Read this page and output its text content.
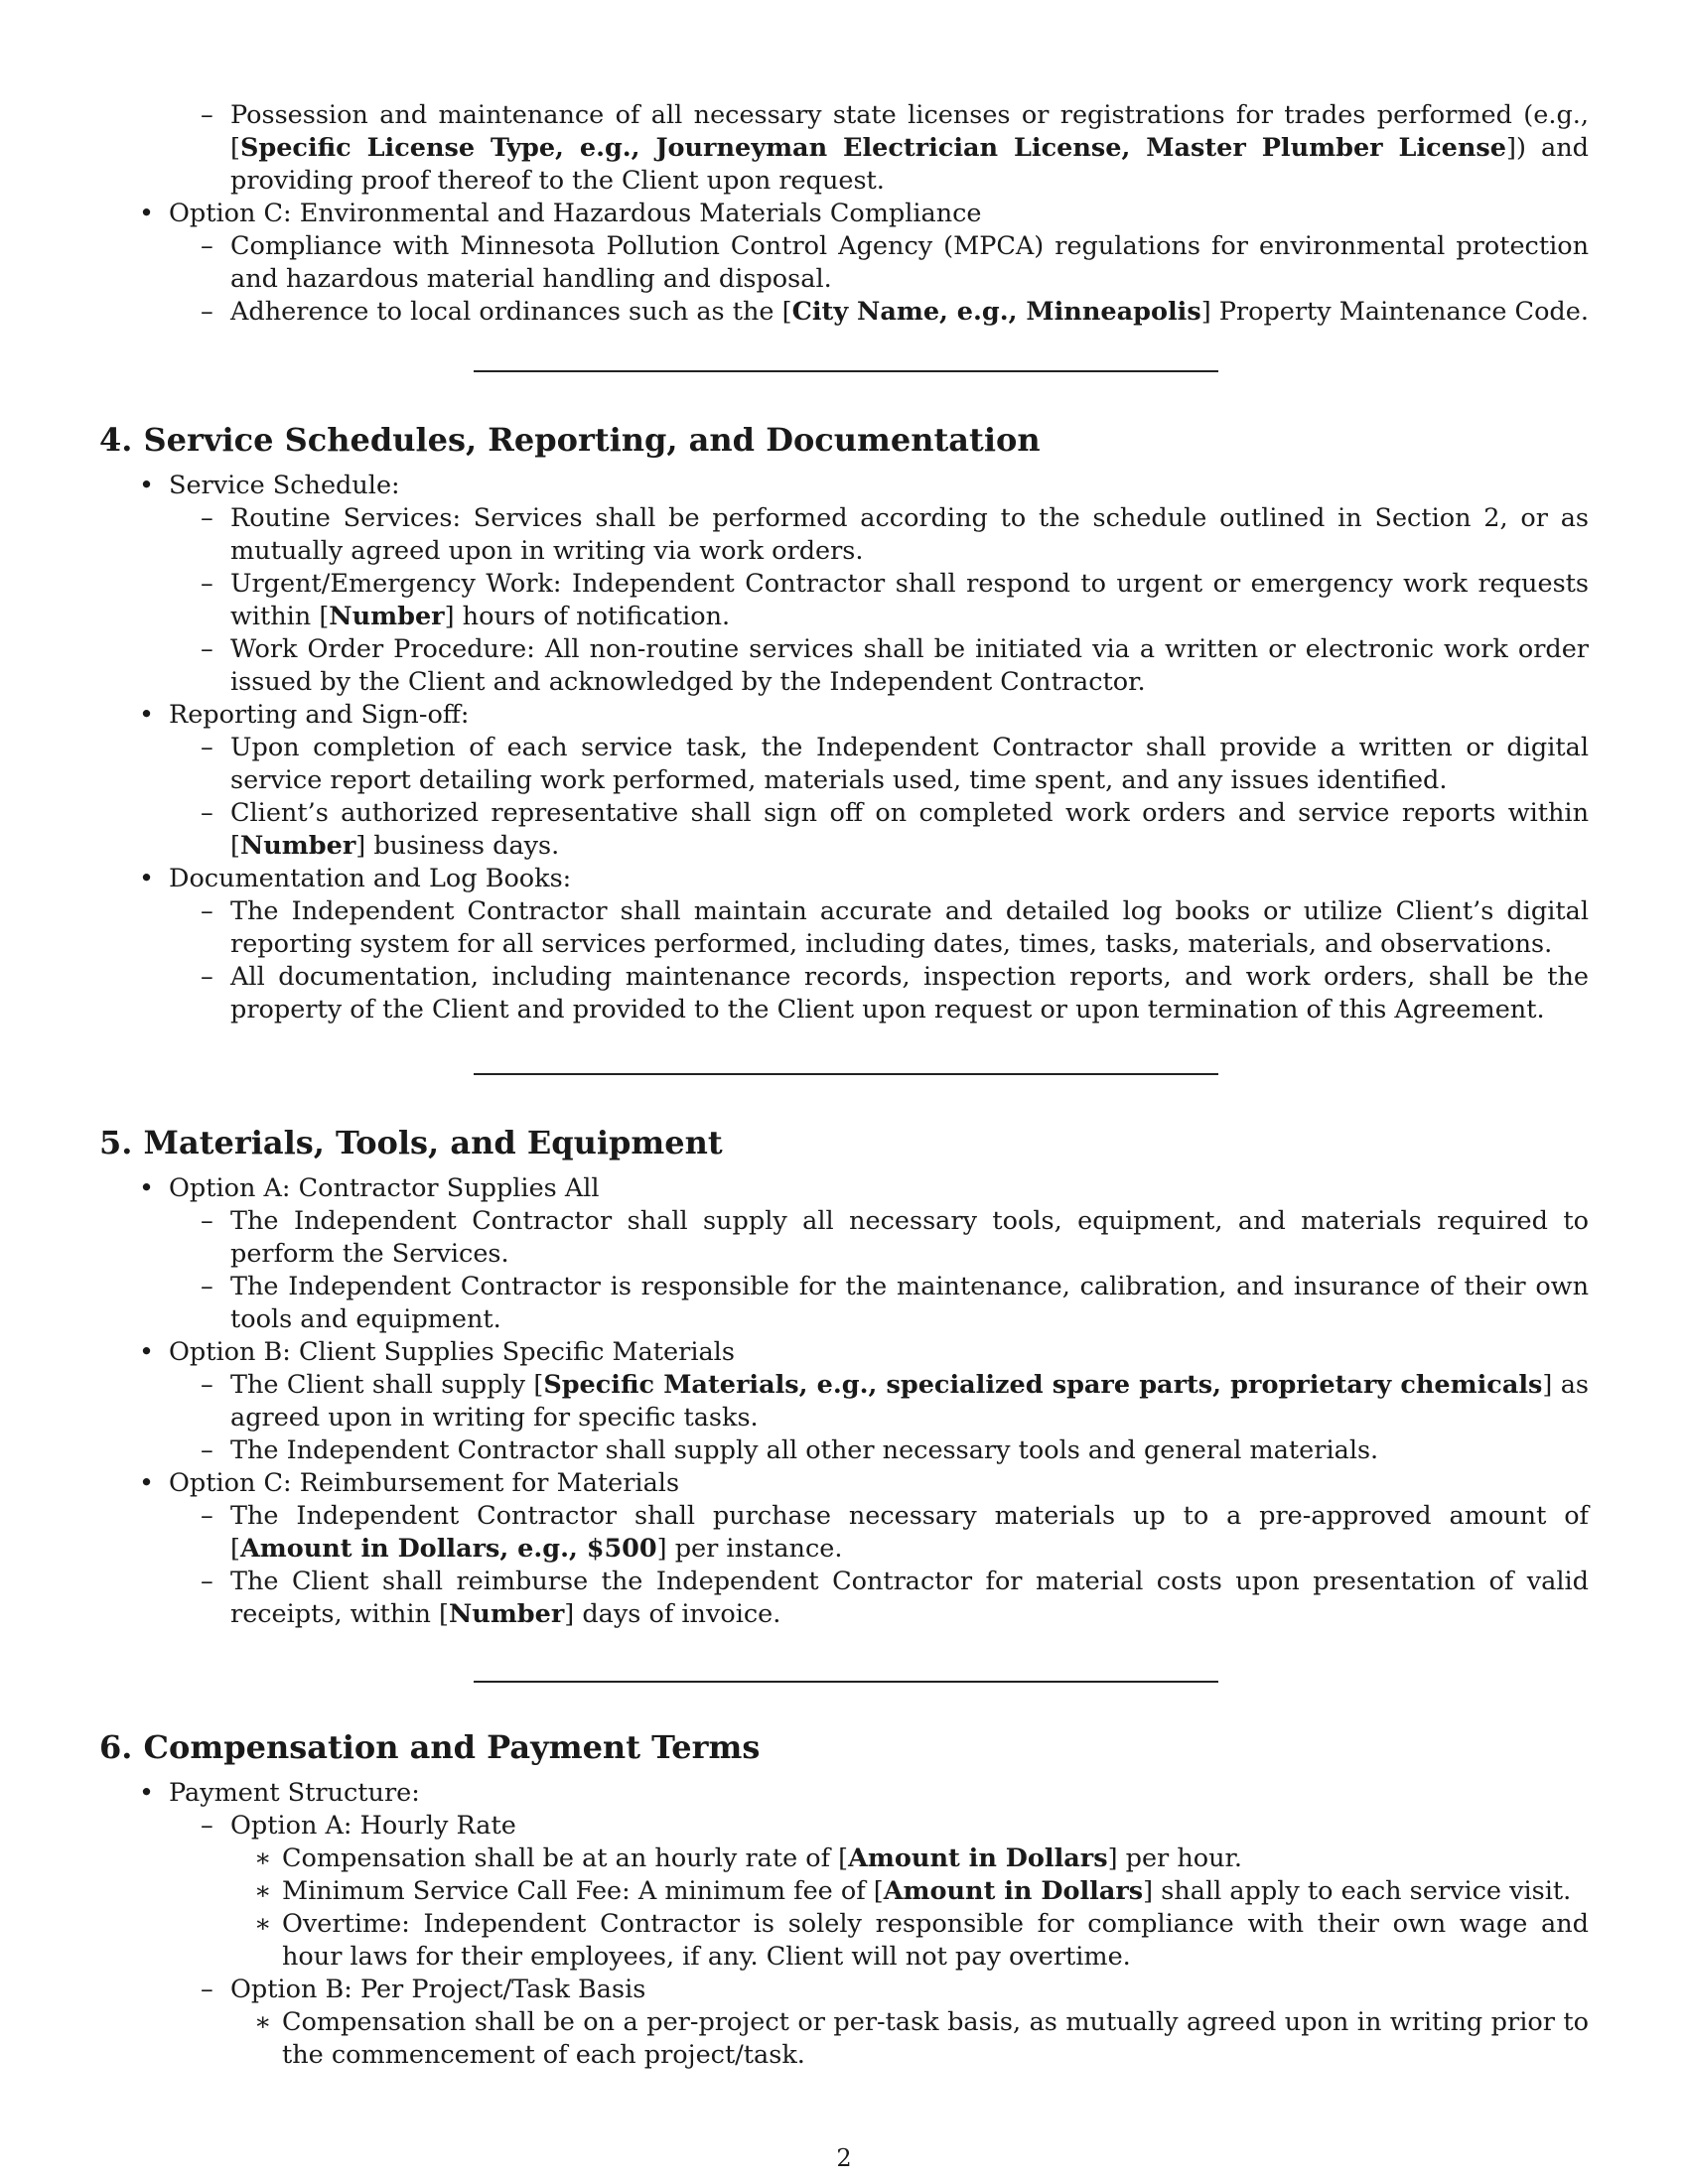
– Possession and maintenance of all necessary state licenses or registrations for trades performed (e.g., [Specific License Type, e.g., Journeyman Electrician License, Master Plumber License]) and providing proof thereof to the Client upon request.
• Option C: Environmental and Hazardous Materials Compliance
– Compliance with Minnesota Pollution Control Agency (MPCA) regulations for environmental protection and hazardous material handling and disposal.
– Adherence to local ordinances such as the [City Name, e.g., Minneapolis] Property Maintenance Code.
4. Service Schedules, Reporting, and Documentation
• Service Schedule:
– Routine Services: Services shall be performed according to the schedule outlined in Section 2, or as mutually agreed upon in writing via work orders.
– Urgent/Emergency Work: Independent Contractor shall respond to urgent or emergency work requests within [Number] hours of notification.
– Work Order Procedure: All non-routine services shall be initiated via a written or electronic work order issued by the Client and acknowledged by the Independent Contractor.
• Reporting and Sign-off:
– Upon completion of each service task, the Independent Contractor shall provide a written or digital service report detailing work performed, materials used, time spent, and any issues identified.
– Client’s authorized representative shall sign off on completed work orders and service reports within [Number] business days.
• Documentation and Log Books:
– The Independent Contractor shall maintain accurate and detailed log books or utilize Client’s digital reporting system for all services performed, including dates, times, tasks, materials, and observations.
– All documentation, including maintenance records, inspection reports, and work orders, shall be the property of the Client and provided to the Client upon request or upon termination of this Agreement.
5. Materials, Tools, and Equipment
• Option A: Contractor Supplies All
– The Independent Contractor shall supply all necessary tools, equipment, and materials required to perform the Services.
– The Independent Contractor is responsible for the maintenance, calibration, and insurance of their own tools and equipment.
• Option B: Client Supplies Specific Materials
– The Client shall supply [Specific Materials, e.g., specialized spare parts, proprietary chemicals] as agreed upon in writing for specific tasks.
– The Independent Contractor shall supply all other necessary tools and general materials.
• Option C: Reimbursement for Materials
– The Independent Contractor shall purchase necessary materials up to a pre-approved amount of [Amount in Dollars, e.g., $500] per instance.
– The Client shall reimburse the Independent Contractor for material costs upon presentation of valid receipts, within [Number] days of invoice.
6. Compensation and Payment Terms
• Payment Structure:
– Option A: Hourly Rate
∗ Compensation shall be at an hourly rate of [Amount in Dollars] per hour.
∗ Minimum Service Call Fee: A minimum fee of [Amount in Dollars] shall apply to each service visit.
∗ Overtime: Independent Contractor is solely responsible for compliance with their own wage and hour laws for their employees, if any. Client will not pay overtime.
– Option B: Per Project/Task Basis
∗ Compensation shall be on a per-project or per-task basis, as mutually agreed upon in writing prior to the commencement of each project/task.
2
